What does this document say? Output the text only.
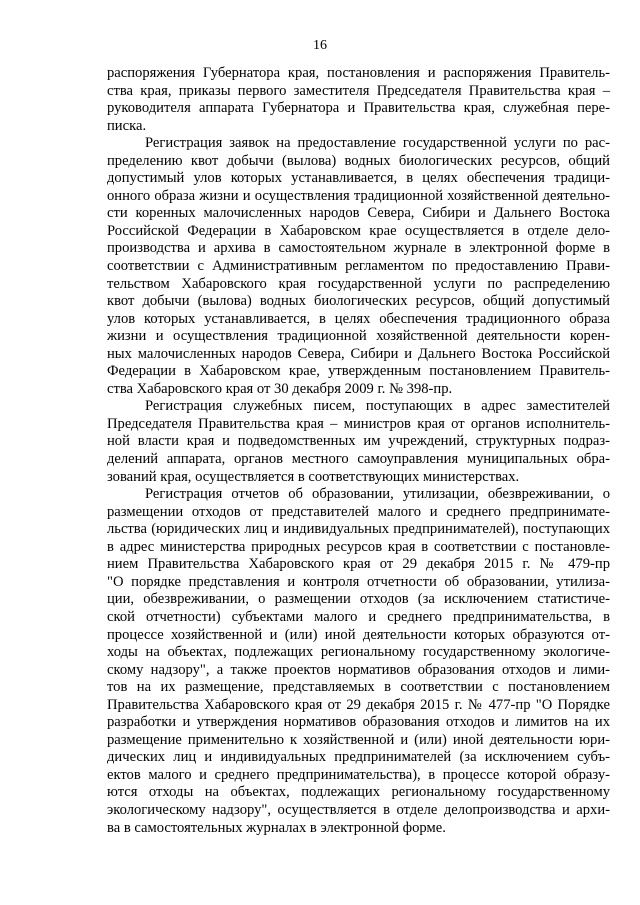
16

распоряжения Губернатора края, постановления и распоряжения Правитель-
ства края, приказы первого заместителя Председателя Правительства края –
руководителя аппарата Губернатора и Правительства края, служебная пере-
писка.

Регистрация заявок на предоставление государственной услуги по рас-
пределению квот добычи (вылова) водных биологических ресурсов, общий
допустимый улов которых устанавливается, в целях обеспечения традици-
онного образа жизни и осуществления традиционной хозяйственной деятельно-
сти коренных малочисленных народов Севера, Сибири и Дальнего Востока
Российской Федерации в Хабаровском крае осуществляется в отделе дело-
производства и архива в самостоятельном журнале в электронной форме в
соответствии с Административным регламентом по предоставлению Прави-
тельством Хабаровского края государственной услуги по распределению
квот добычи (вылова) водных биологических ресурсов, общий допустимый
улов которых устанавливается, в целях обеспечения традиционного образа
жизни и осуществления традиционной хозяйственной деятельности корен-
ных малочисленных народов Севера, Сибири и Дальнего Востока Российской
Федерации в Хабаровском крае, утвержденным постановлением Правитель-
ства Хабаровского края от 30 декабря 2009 г. № 398-пр.

Регистрация служебных писем, поступающих в адрес заместителей
Председателя Правительства края – министров края от органов исполнитель-
ной власти края и подведомственных им учреждений, структурных подраз-
делений аппарата, органов местного самоуправления муниципальных обра-
зований края, осуществляется в соответствующих министерствах.

Регистрация отчетов об образовании, утилизации, обезвреживании, о
размещении отходов от представителей малого и среднего предпринимате-
льства (юридических лиц и индивидуальных предпринимателей), поступающих
в адрес министерства природных ресурсов края в соответствии с постановле-
нием Правительства Хабаровского края от 29 декабря 2015 г. № 479-пр
"О порядке представления и контроля отчетности об образовании, утилиза-
ции, обезвреживании, о размещении отходов (за исключением статистиче-
ской отчетности) субъектами малого и среднего предпринимательства, в
процессе хозяйственной и (или) иной деятельности которых образуются от-
ходы на объектах, подлежащих региональному государственному экологиче-
скому надзору", а также проектов нормативов образования отходов и лими-
тов на их размещение, представляемых в соответствии с постановлением
Правительства Хабаровского края от 29 декабря 2015 г. № 477-пр "О Порядке
разработки и утверждения нормативов образования отходов и лимитов на их
размещение применительно к хозяйственной и (или) иной деятельности юри-
дических лиц и индивидуальных предпринимателей (за исключением субъ-
ектов малого и среднего предпринимательства), в процессе которой образу-
ются отходы на объектах, подлежащих региональному государственному
экологическому надзору", осуществляется в отделе делопроизводства и архи-
ва в самостоятельных журналах в электронной форме.
